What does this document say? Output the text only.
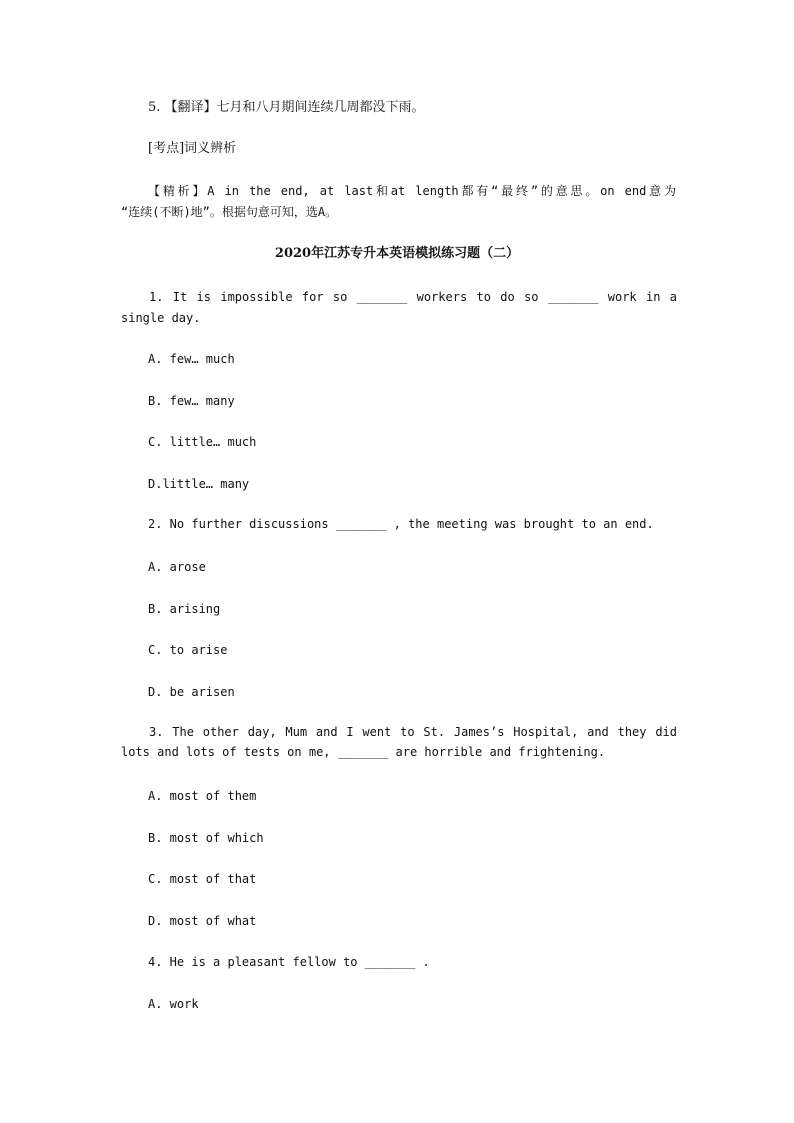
5. 【翻译】七月和八月期间连续几周都没下雨。
[考点]词义辨析
【精析】A in the end, at last和at length都有“最终”的意思。on end意为
“连续(不断)地”。根据句意可知，选A。
2020年江苏专升本英语模拟练习题（二）
1. It is impossible for so _______ workers to do so _______ work in a
single day.
A. few… much
B. few… many
C. little… much
D.little… many
2. No further discussions _______ , the meeting was brought to an end.
A. arose
B. arising
C. to arise
D. be arisen
3. The other day, Mum and I went to St. James’s Hospital, and they did
lots and lots of tests on me, _______ are horrible and frightening.
A. most of them
B. most of which
C. most of that
D. most of what
4. He is a pleasant fellow to _______ .
A. work
